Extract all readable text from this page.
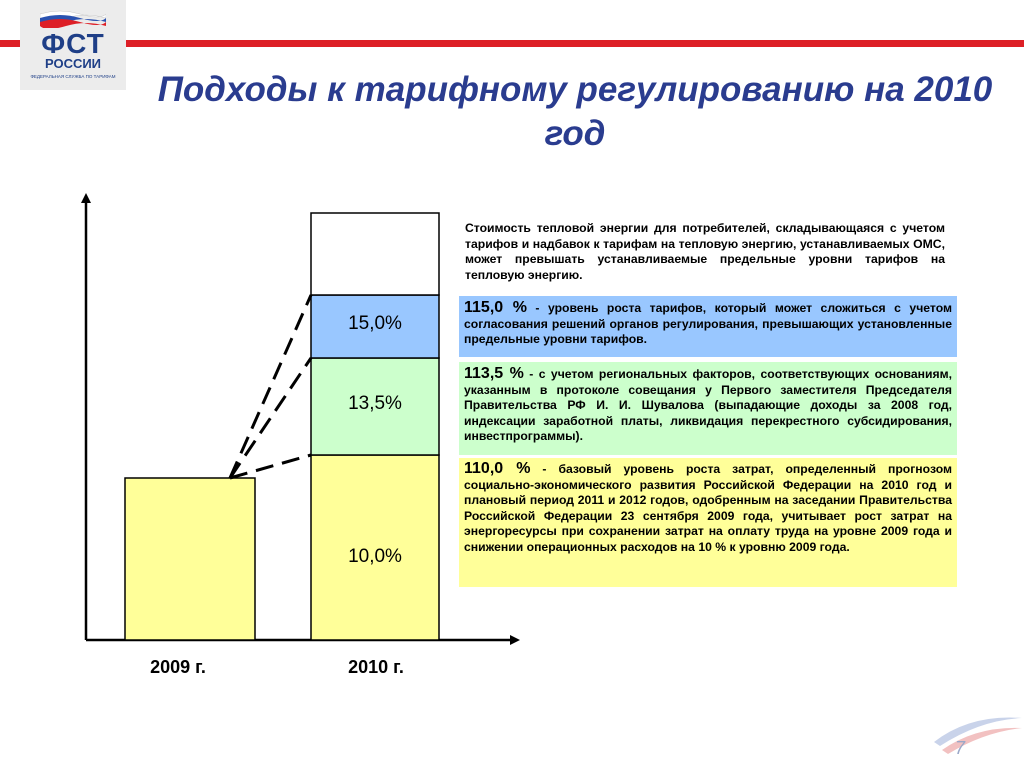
ФСТ
РОССИИ
ФЕДЕРАЛЬНАЯ СЛУЖБА ПО ТАРИФАМ Подходы к тарифному регулированию на 2010 год
10,0%
13,5%
15,0%
2009 г.	2010 г.
Стоимость тепловой энергии для потребителей, складывающаяся с учетом тарифов и надбавок к тарифам на тепловую энергию, устанавливаемых ОМС, может превышать устанавливаемые предельные уровни тарифов на тепловую энергию.
115,0 % - уровень роста тарифов, который может сложиться с учетом согласования решений органов регулирования, превышающих установленные предельные уровни тарифов.
113,5 % - с учетом региональных факторов, соответствующих основаниям, указанным в протоколе совещания у Первого заместителя Председателя Правительства РФ И. И. Шувалова (выпадающие доходы за 2008 год, индексации заработной платы, ликвидация перекрестного субсидирования, инвестпрограммы).
110,0 % - базовый уровень роста затрат, определенный прогнозом социально-экономического развития Российской Федерации на 2010 год и плановый период 2011 и 2012 годов, одобренным на заседании Правительства Российской Федерации 23 сентября 2009 года, учитывает рост затрат на энергоресурсы при сохранении затрат на оплату труда на уровне 2009 года и снижении операционных расходов на 10 % к уровню 2009 года.
7
